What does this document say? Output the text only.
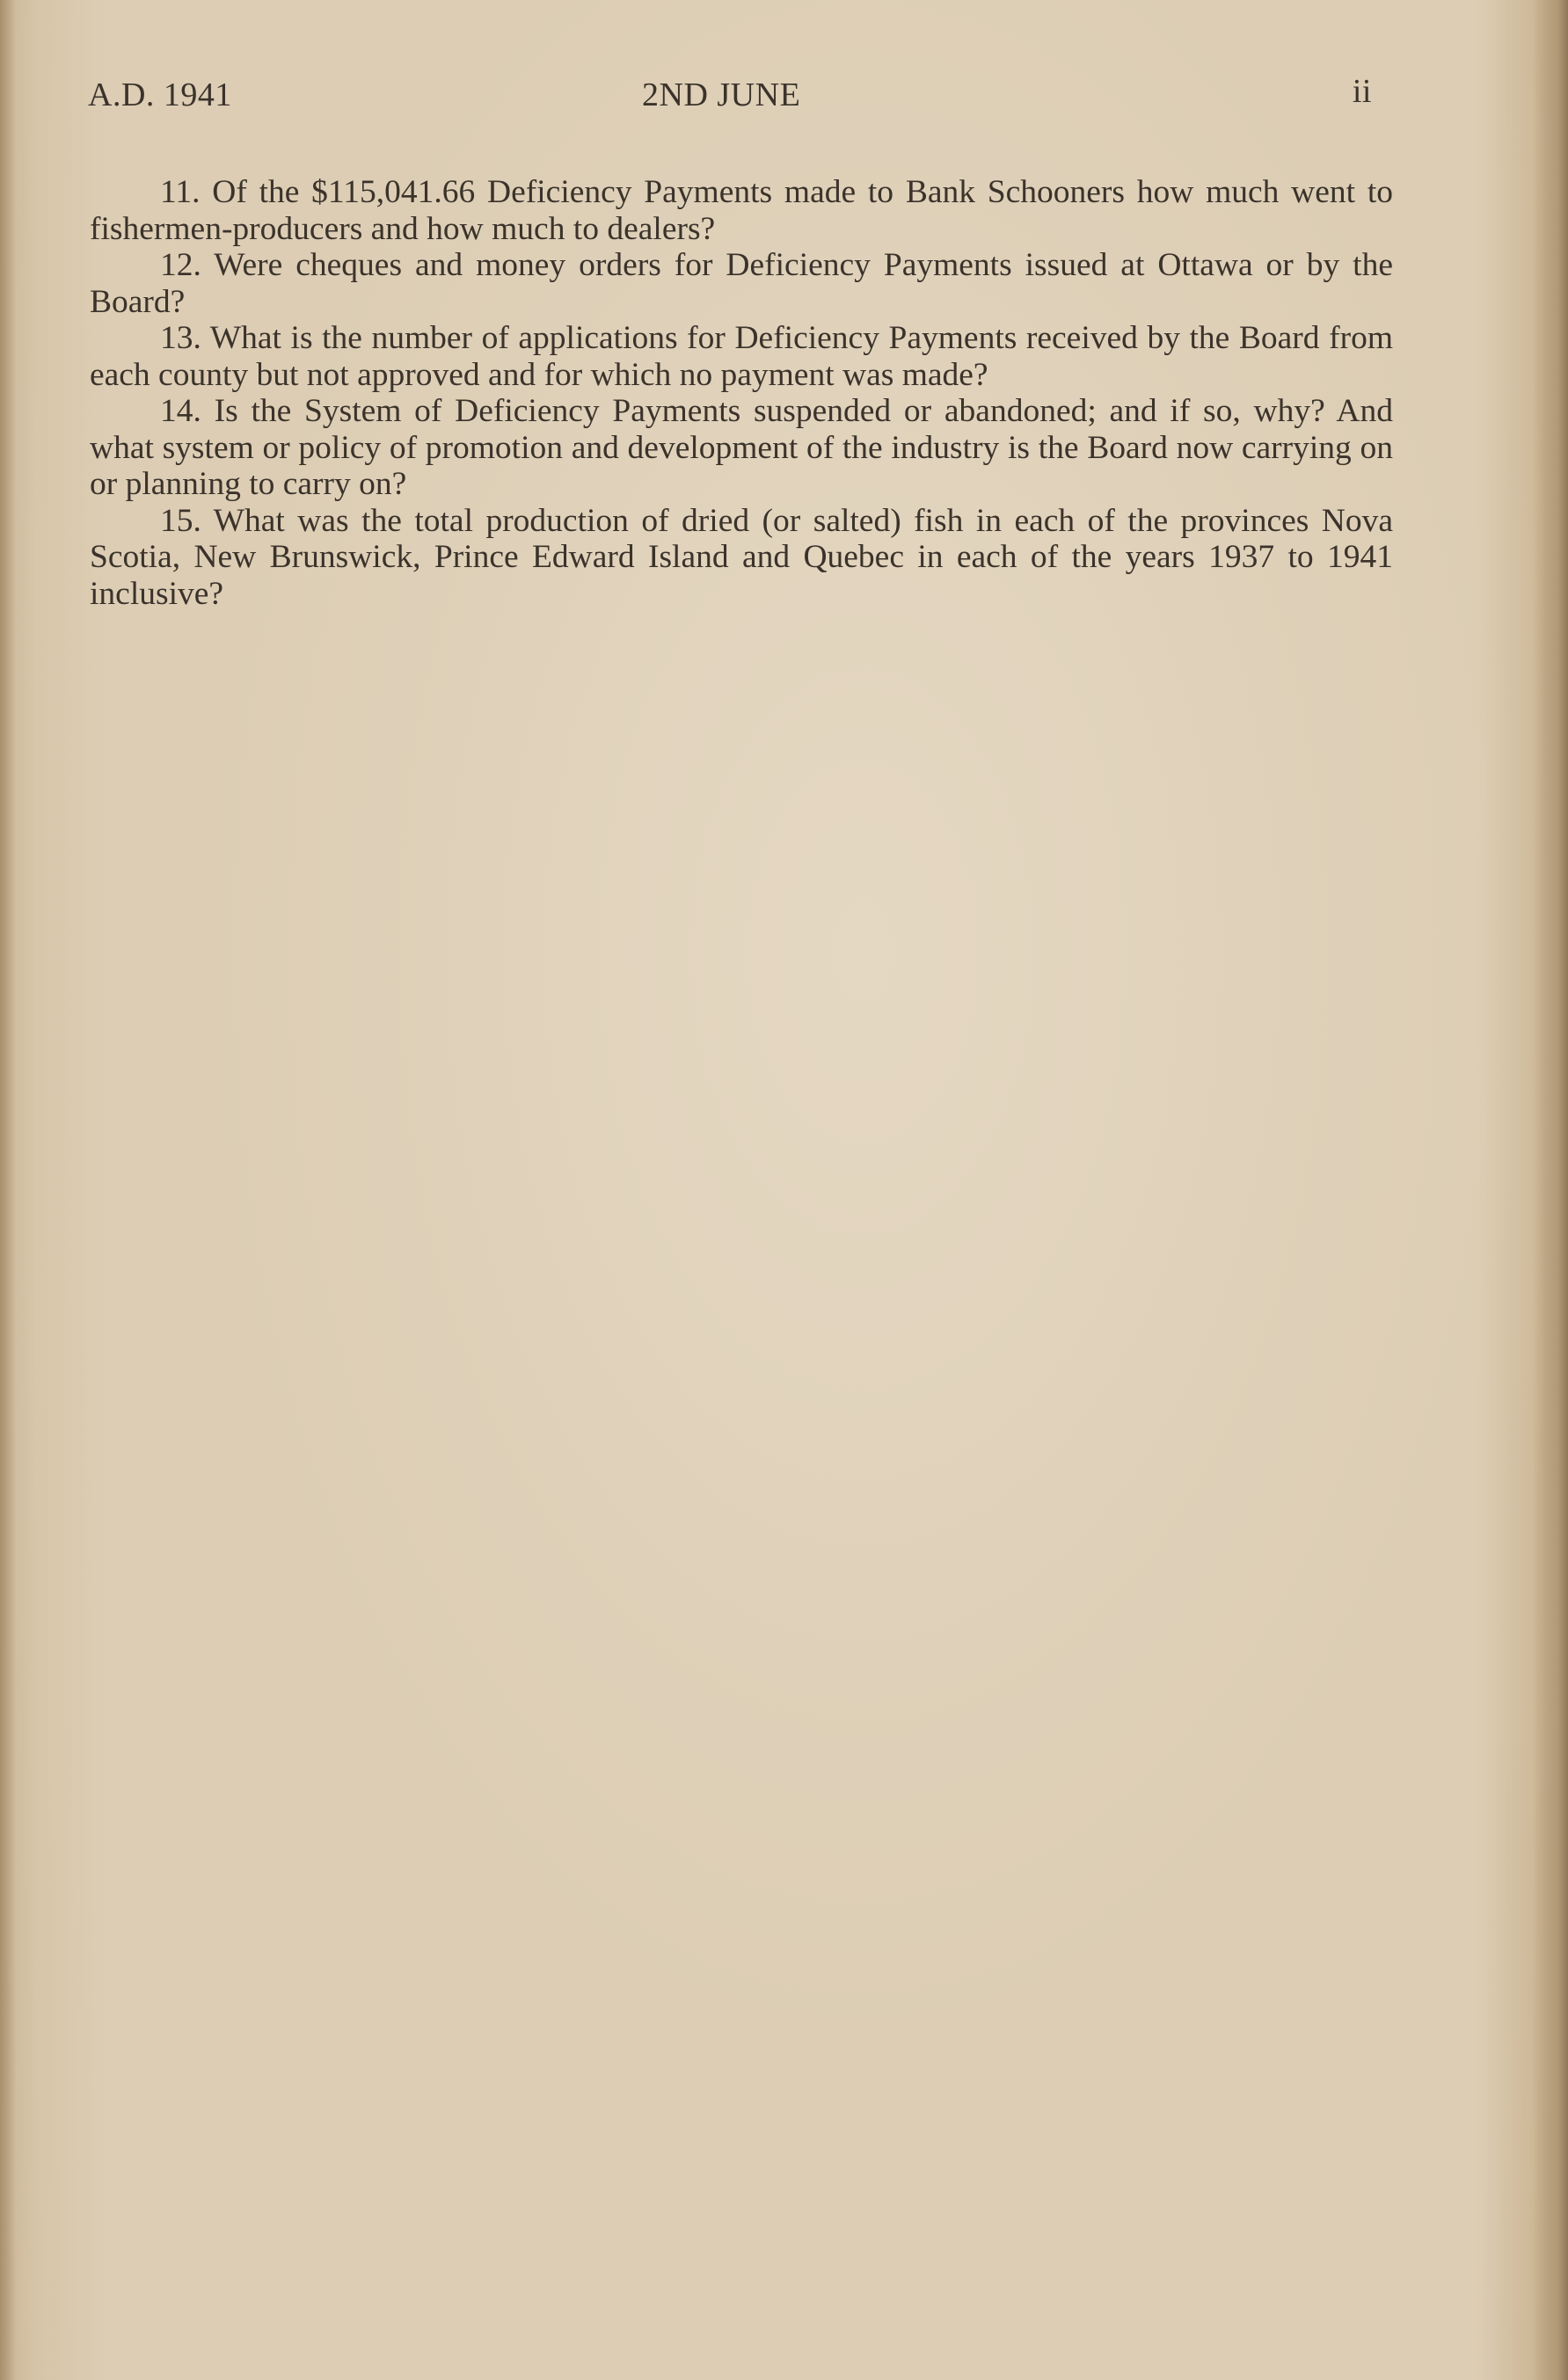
A.D. 1941	2ND JUNE	ii

11. Of the $115,041.66 Deficiency Payments made to Bank Schooners how much went to fishermen-producers and how much to dealers?

12. Were cheques and money orders for Deficiency Payments issued at Ottawa or by the Board?

13. What is the number of applications for Deficiency Payments received by the Board from each county but not approved and for which no payment was made?

14. Is the System of Deficiency Payments suspended or abandoned; and if so, why? And what system or policy of promotion and development of the industry is the Board now carrying on or planning to carry on?

15. What was the total production of dried (or salted) fish in each of the provinces Nova Scotia, New Brunswick, Prince Edward Island and Quebec in each of the years 1937 to 1941 inclusive?
